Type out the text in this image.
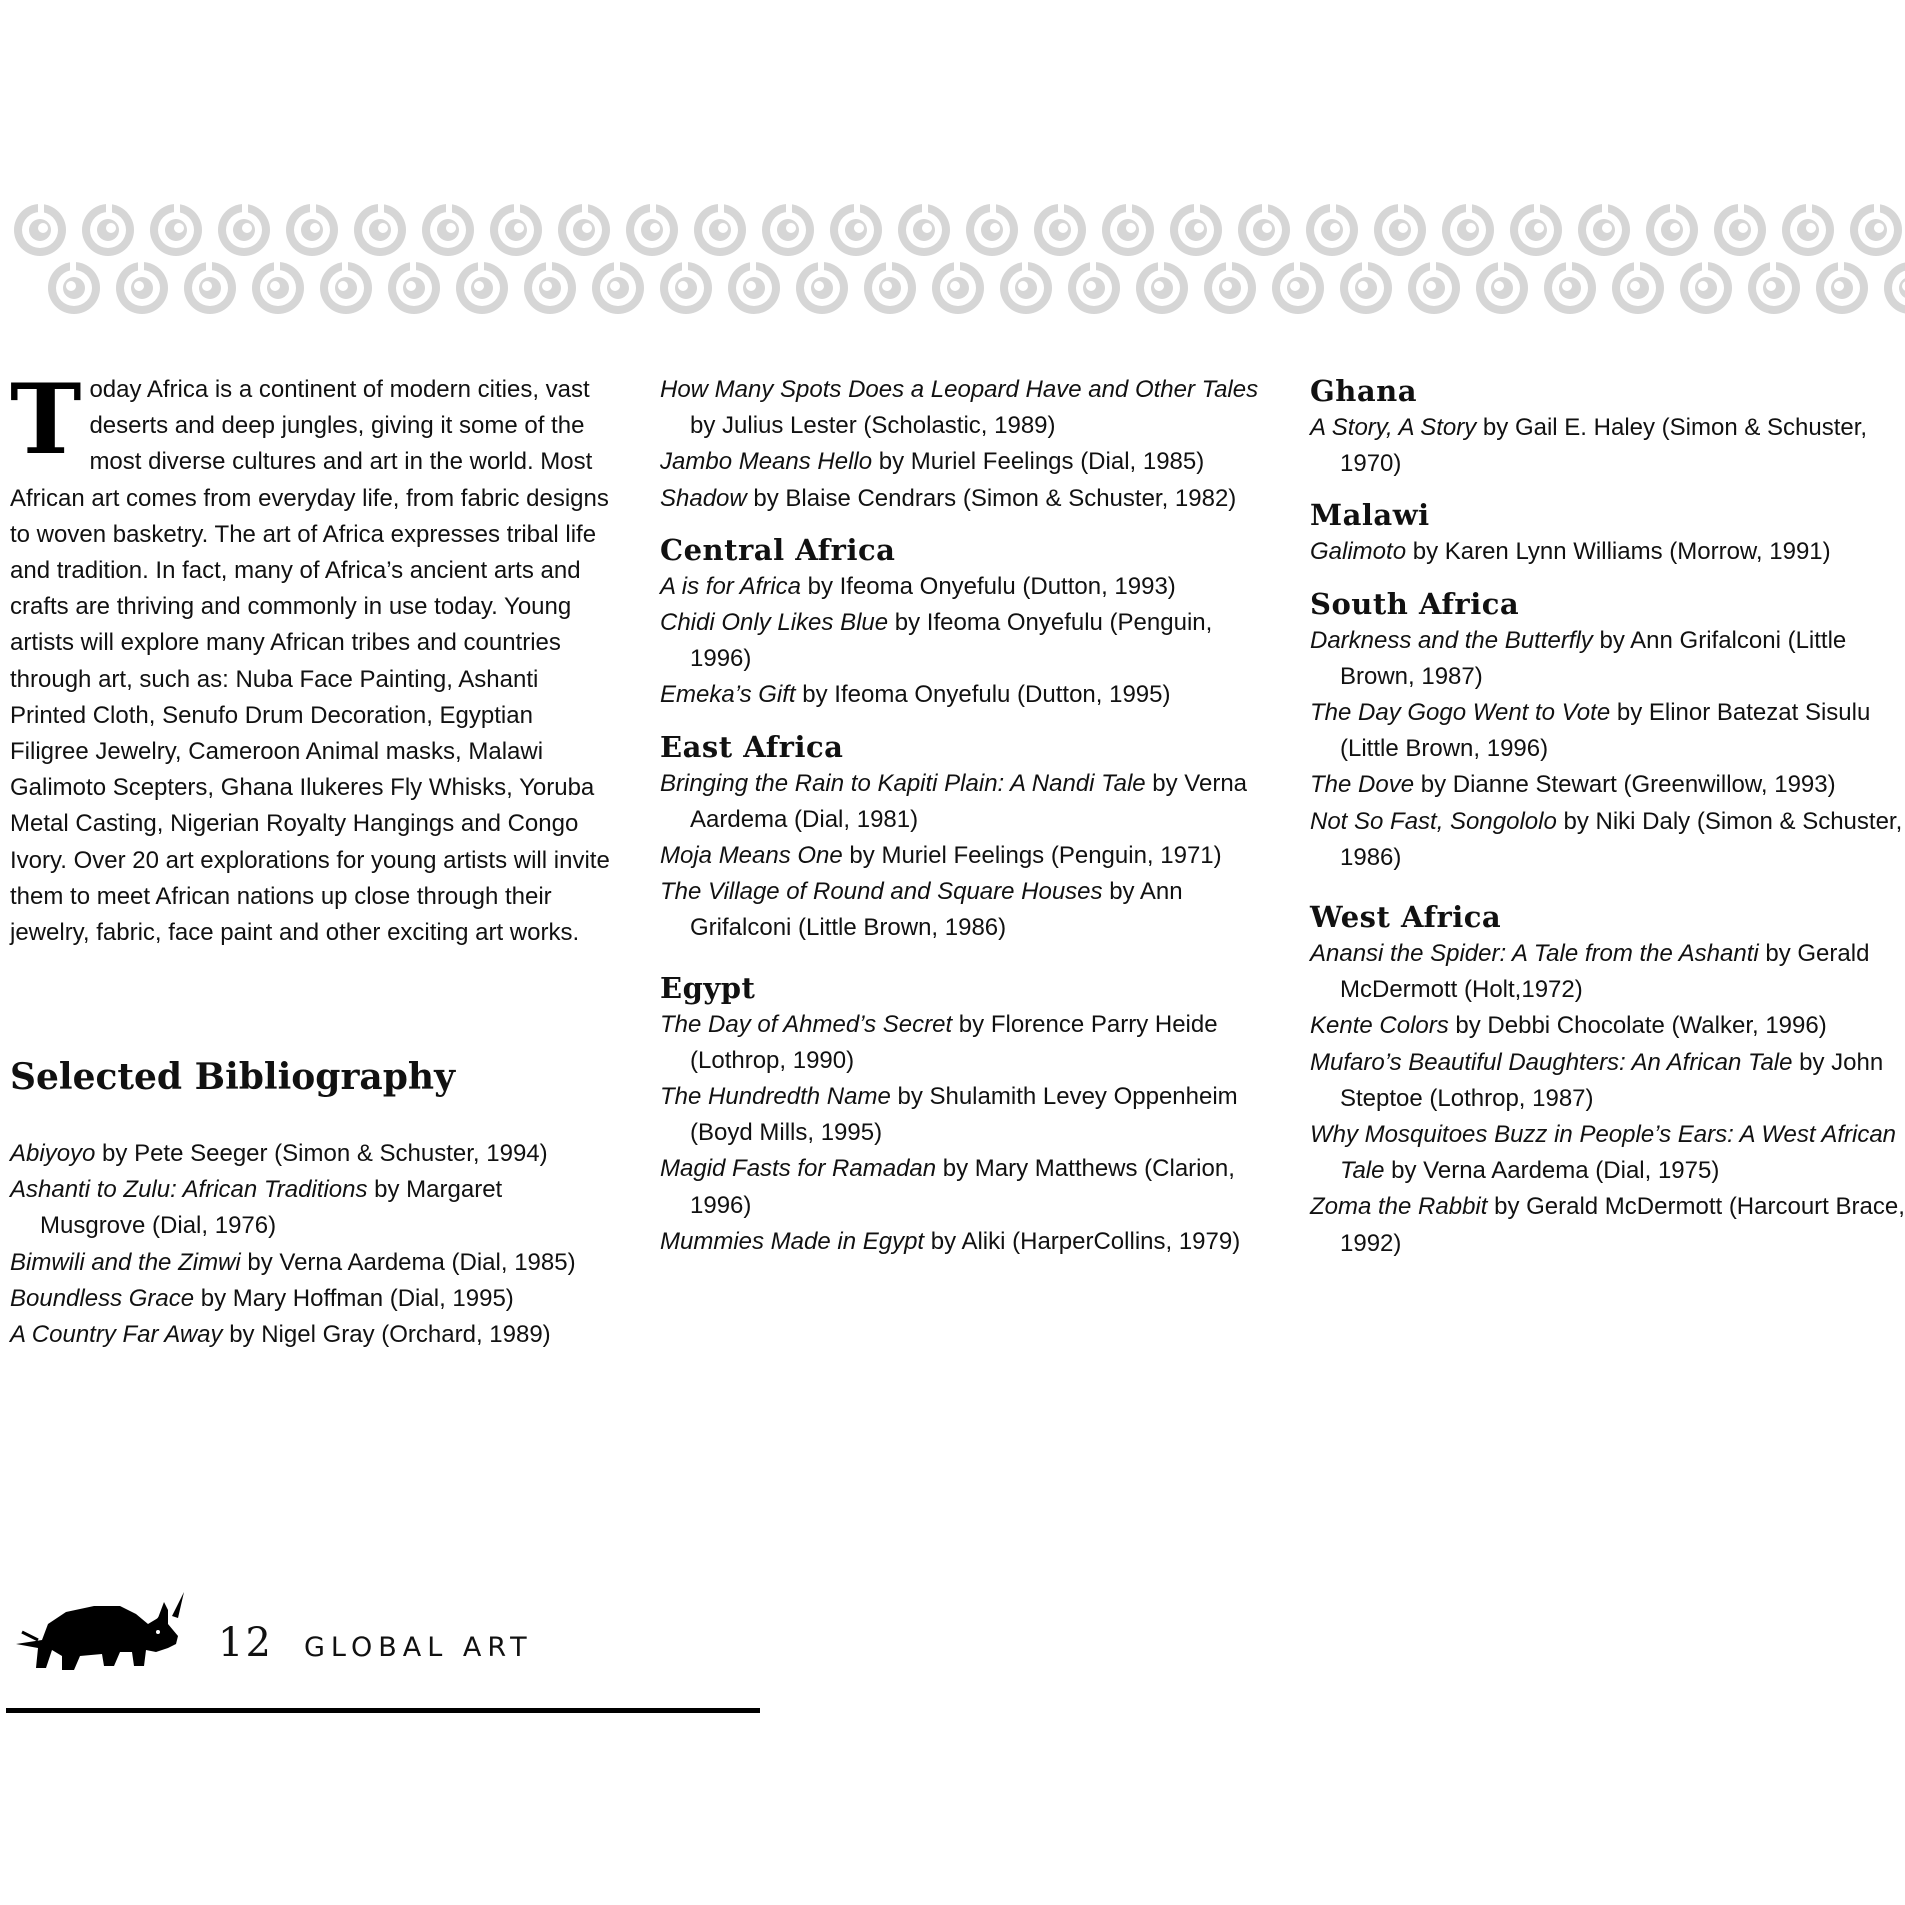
Today Africa is a continent of modern cities, vast deserts and deep jungles, giving it some of the most diverse cultures and art in the world. Most African art comes from everyday life, from fabric designs to woven basketry. The art of Africa expresses tribal life and tradition. In fact, many of Africa’s ancient arts and crafts are thriving and commonly in use today. Young artists will explore many African tribes and countries through art, such as: Nuba Face Painting, Ashanti Printed Cloth, Senufo Drum Decoration, Egyptian Filigree Jewelry, Cameroon Animal masks, Malawi Galimoto Scepters, Ghana Ilukeres Fly Whisks, Yoruba Metal Casting, Nigerian Royalty Hangings and Congo Ivory. Over 20 art explorations for young artists will invite them to meet African nations up close through their jewelry, fabric, face paint and other exciting art works.

Selected Bibliography

Abiyoyo by Pete Seeger (Simon & Schuster, 1994)

Ashanti to Zulu: African Traditions by Margaret Musgrove (Dial, 1976)

Bimwili and the Zimwi by Verna Aardema (Dial, 1985)

Boundless Grace by Mary Hoffman (Dial, 1995)

A Country Far Away by Nigel Gray (Orchard, 1989)

How Many Spots Does a Leopard Have and Other Tales by Julius Lester (Scholastic, 1989)

Jambo Means Hello by Muriel Feelings (Dial, 1985)

Shadow by Blaise Cendrars (Simon & Schuster, 1982)

Central Africa

A is for Africa by Ifeoma Onyefulu (Dutton, 1993)

Chidi Only Likes Blue by Ifeoma Onyefulu (Penguin, 1996)

Emeka’s Gift by Ifeoma Onyefulu (Dutton, 1995)

East Africa

Bringing the Rain to Kapiti Plain: A Nandi Tale by Verna Aardema (Dial, 1981)

Moja Means One by Muriel Feelings (Penguin, 1971)

The Village of Round and Square Houses by Ann Grifalconi (Little Brown, 1986)

Egypt

The Day of Ahmed’s Secret by Florence Parry Heide (Lothrop, 1990)

The Hundredth Name by Shulamith Levey Oppenheim (Boyd Mills, 1995)

Magid Fasts for Ramadan by Mary Matthews (Clarion, 1996)

Mummies Made in Egypt by Aliki (HarperCollins, 1979)

Ghana

A Story, A Story by Gail E. Haley (Simon & Schuster, 1970)

Malawi

Galimoto by Karen Lynn Williams (Morrow, 1991)

South Africa

Darkness and the Butterfly by Ann Grifalconi (Little Brown, 1987)

The Day Gogo Went to Vote by Elinor Batezat Sisulu (Little Brown, 1996)

The Dove by Dianne Stewart (Greenwillow, 1993)

Not So Fast, Songololo by Niki Daly (Simon & Schuster, 1986)

West Africa

Anansi the Spider: A Tale from the Ashanti by Gerald McDermott (Holt,1972)

Kente Colors by Debbi Chocolate (Walker, 1996)

Mufaro’s Beautiful Daughters: An African Tale by John Steptoe (Lothrop, 1987)

Why Mosquitoes Buzz in People’s Ears: A West African Tale by Verna Aardema (Dial, 1975)

Zoma the Rabbit by Gerald McDermott (Harcourt Brace, 1992)

12 GLOBAL ART
